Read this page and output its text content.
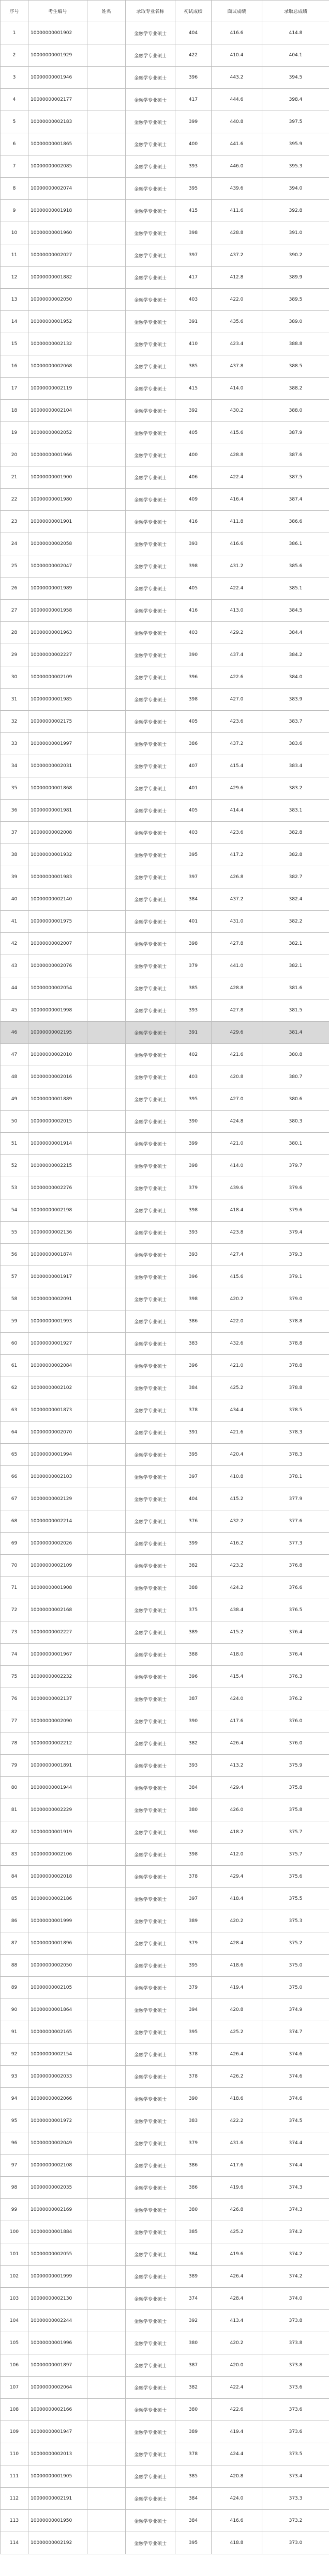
序号	考生编号	姓名	录取专业名称	初试成绩	面试成绩	录取总成绩
1	10000000001902		金融学专业硕士	404	416.6	414.8
2	10000000001929		金融学专业硕士	422	410.4	404.1
3	10000000001946		金融学专业硕士	396	443.2	394.5
4	10000000002177		金融学专业硕士	417	444.6	398.4
5	10000000002183		金融学专业硕士	399	440.8	397.5
6	10000000001865		金融学专业硕士	400	441.6	395.9
7	10000000002085		金融学专业硕士	393	446.0	395.3
8	10000000002074		金融学专业硕士	395	439.6	394.0
9	10000000001918		金融学专业硕士	415	411.6	392.8
10	10000000001960		金融学专业硕士	398	428.8	391.0
11	10000000002027		金融学专业硕士	397	437.2	390.2
12	10000000001882		金融学专业硕士	417	412.8	389.9
13	10000000002050		金融学专业硕士	403	422.0	389.5
14	10000000001952		金融学专业硕士	391	435.6	389.0
15	10000000002132		金融学专业硕士	410	423.4	388.8
16	10000000002068		金融学专业硕士	385	437.8	388.5
17	10000000002119		金融学专业硕士	415	414.0	388.2
18	10000000002104		金融学专业硕士	392	430.2	388.0
19	10000000002052		金融学专业硕士	405	415.6	387.9
20	10000000001966		金融学专业硕士	400	428.8	387.6
21	10000000001900		金融学专业硕士	406	422.4	387.5
22	10000000001980		金融学专业硕士	409	416.4	387.4
23	10000000001901		金融学专业硕士	416	411.8	386.6
24	10000000002058		金融学专业硕士	393	416.6	386.1
25	10000000002047		金融学专业硕士	398	431.2	385.6
26	10000000001989		金融学专业硕士	405	422.4	385.1
27	10000000001958		金融学专业硕士	416	413.0	384.5
28	10000000001963		金融学专业硕士	403	429.2	384.4
29	10000000002227		金融学专业硕士	390	437.4	384.2
30	10000000002109		金融学专业硕士	396	422.6	384.0
31	10000000001985		金融学专业硕士	398	427.0	383.9
32	10000000002175		金融学专业硕士	405	423.6	383.7
33	10000000001997		金融学专业硕士	386	437.2	383.6
34	10000000002031		金融学专业硕士	407	415.4	383.4
35	10000000001868		金融学专业硕士	401	429.6	383.2
36	10000000001981		金融学专业硕士	405	414.4	383.1
37	10000000002008		金融学专业硕士	403	423.6	382.8
38	10000000001932		金融学专业硕士	395	417.2	382.8
39	10000000001983		金融学专业硕士	397	426.8	382.7
40	10000000002140		金融学专业硕士	384	437.2	382.4
41	10000000001975		金融学专业硕士	401	431.0	382.2
42	10000000002007		金融学专业硕士	398	427.8	382.1
43	10000000002076		金融学专业硕士	379	441.0	382.1
44	10000000002054		金融学专业硕士	385	428.8	381.6
45	10000000001998		金融学专业硕士	393	427.8	381.5
46	10000000002195		金融学专业硕士	391	429.6	381.4
47	10000000002010		金融学专业硕士	402	421.6	380.8
48	10000000002016		金融学专业硕士	403	420.8	380.7
49	10000000001889		金融学专业硕士	395	427.0	380.6
50	10000000002015		金融学专业硕士	390	424.8	380.3
51	10000000001914		金融学专业硕士	399	421.0	380.1
52	10000000002215		金融学专业硕士	398	414.0	379.7
53	10000000002276		金融学专业硕士	379	439.6	379.6
54	10000000002198		金融学专业硕士	398	418.4	379.6
55	10000000002136		金融学专业硕士	393	423.8	379.4
56	10000000001874		金融学专业硕士	393	427.4	379.3
57	10000000001917		金融学专业硕士	396	415.6	379.1
58	10000000002091		金融学专业硕士	398	420.2	379.0
59	10000000001993		金融学专业硕士	386	422.0	378.8
60	10000000001927		金融学专业硕士	383	432.6	378.8
61	10000000002084		金融学专业硕士	396	421.0	378.8
62	10000000002102		金融学专业硕士	384	425.2	378.8
63	10000000001873		金融学专业硕士	378	434.4	378.5
64	10000000002070		金融学专业硕士	391	421.6	378.3
65	10000000001994		金融学专业硕士	395	420.4	378.3
66	10000000002103		金融学专业硕士	397	410.8	378.1
67	10000000002129		金融学专业硕士	404	415.2	377.9
68	10000000002214		金融学专业硕士	376	432.2	377.6
69	10000000002026		金融学专业硕士	399	416.2	377.3
70	10000000002109		金融学专业硕士	382	423.2	376.8
71	10000000001908		金融学专业硕士	388	424.2	376.6
72	10000000002168		金融学专业硕士	375	438.4	376.5
73	10000000002227		金融学专业硕士	389	415.2	376.4
74	10000000001967		金融学专业硕士	388	418.0	376.4
75	10000000002232		金融学专业硕士	396	415.4	376.3
76	10000000002137		金融学专业硕士	387	424.0	376.2
77	10000000002090		金融学专业硕士	390	417.6	376.0
78	10000000002212		金融学专业硕士	382	426.4	376.0
79	10000000001891		金融学专业硕士	393	413.2	375.9
80	10000000001944		金融学专业硕士	384	429.4	375.8
81	10000000002229		金融学专业硕士	380	426.0	375.8
82	10000000001919		金融学专业硕士	390	418.2	375.7
83	10000000002106		金融学专业硕士	398	412.0	375.7
84	10000000002018		金融学专业硕士	378	429.4	375.6
85	10000000002186		金融学专业硕士	397	418.4	375.5
86	10000000001999		金融学专业硕士	389	420.2	375.3
87	10000000001896		金融学专业硕士	379	428.4	375.2
88	10000000002050		金融学专业硕士	395	418.6	375.0
89	10000000002105		金融学专业硕士	379	419.4	375.0
90	10000000001864		金融学专业硕士	394	420.8	374.9
91	10000000002165		金融学专业硕士	395	425.2	374.7
92	10000000002154		金融学专业硕士	378	426.4	374.6
93	10000000002033		金融学专业硕士	378	426.2	374.6
94	10000000002066		金融学专业硕士	390	418.6	374.6
95	10000000001972		金融学专业硕士	383	422.2	374.5
96	10000000002049		金融学专业硕士	379	431.6	374.4
97	10000000002108		金融学专业硕士	386	417.6	374.4
98	10000000002035		金融学专业硕士	386	419.6	374.3
99	10000000002169		金融学专业硕士	380	426.8	374.3
100	10000000001884		金融学专业硕士	385	425.2	374.2
101	10000000002055		金融学专业硕士	384	419.6	374.2
102	10000000001999		金融学专业硕士	389	426.4	374.2
103	10000000002130		金融学专业硕士	374	428.4	374.0
104	10000000002244		金融学专业硕士	392	413.4	373.8
105	10000000001996		金融学专业硕士	380	420.2	373.8
106	10000000001897		金融学专业硕士	387	420.0	373.8
107	10000000002064		金融学专业硕士	382	422.4	373.6
108	10000000002166		金融学专业硕士	380	422.6	373.6
109	10000000001947		金融学专业硕士	389	419.4	373.6
110	10000000002013		金融学专业硕士	378	424.4	373.5
111	10000000001905		金融学专业硕士	385	420.8	373.4
112	10000000002191		金融学专业硕士	384	424.0	373.3
113	10000000001950		金融学专业硕士	384	416.6	373.2
114	10000000002192		金融学专业硕士	395	418.8	373.0
